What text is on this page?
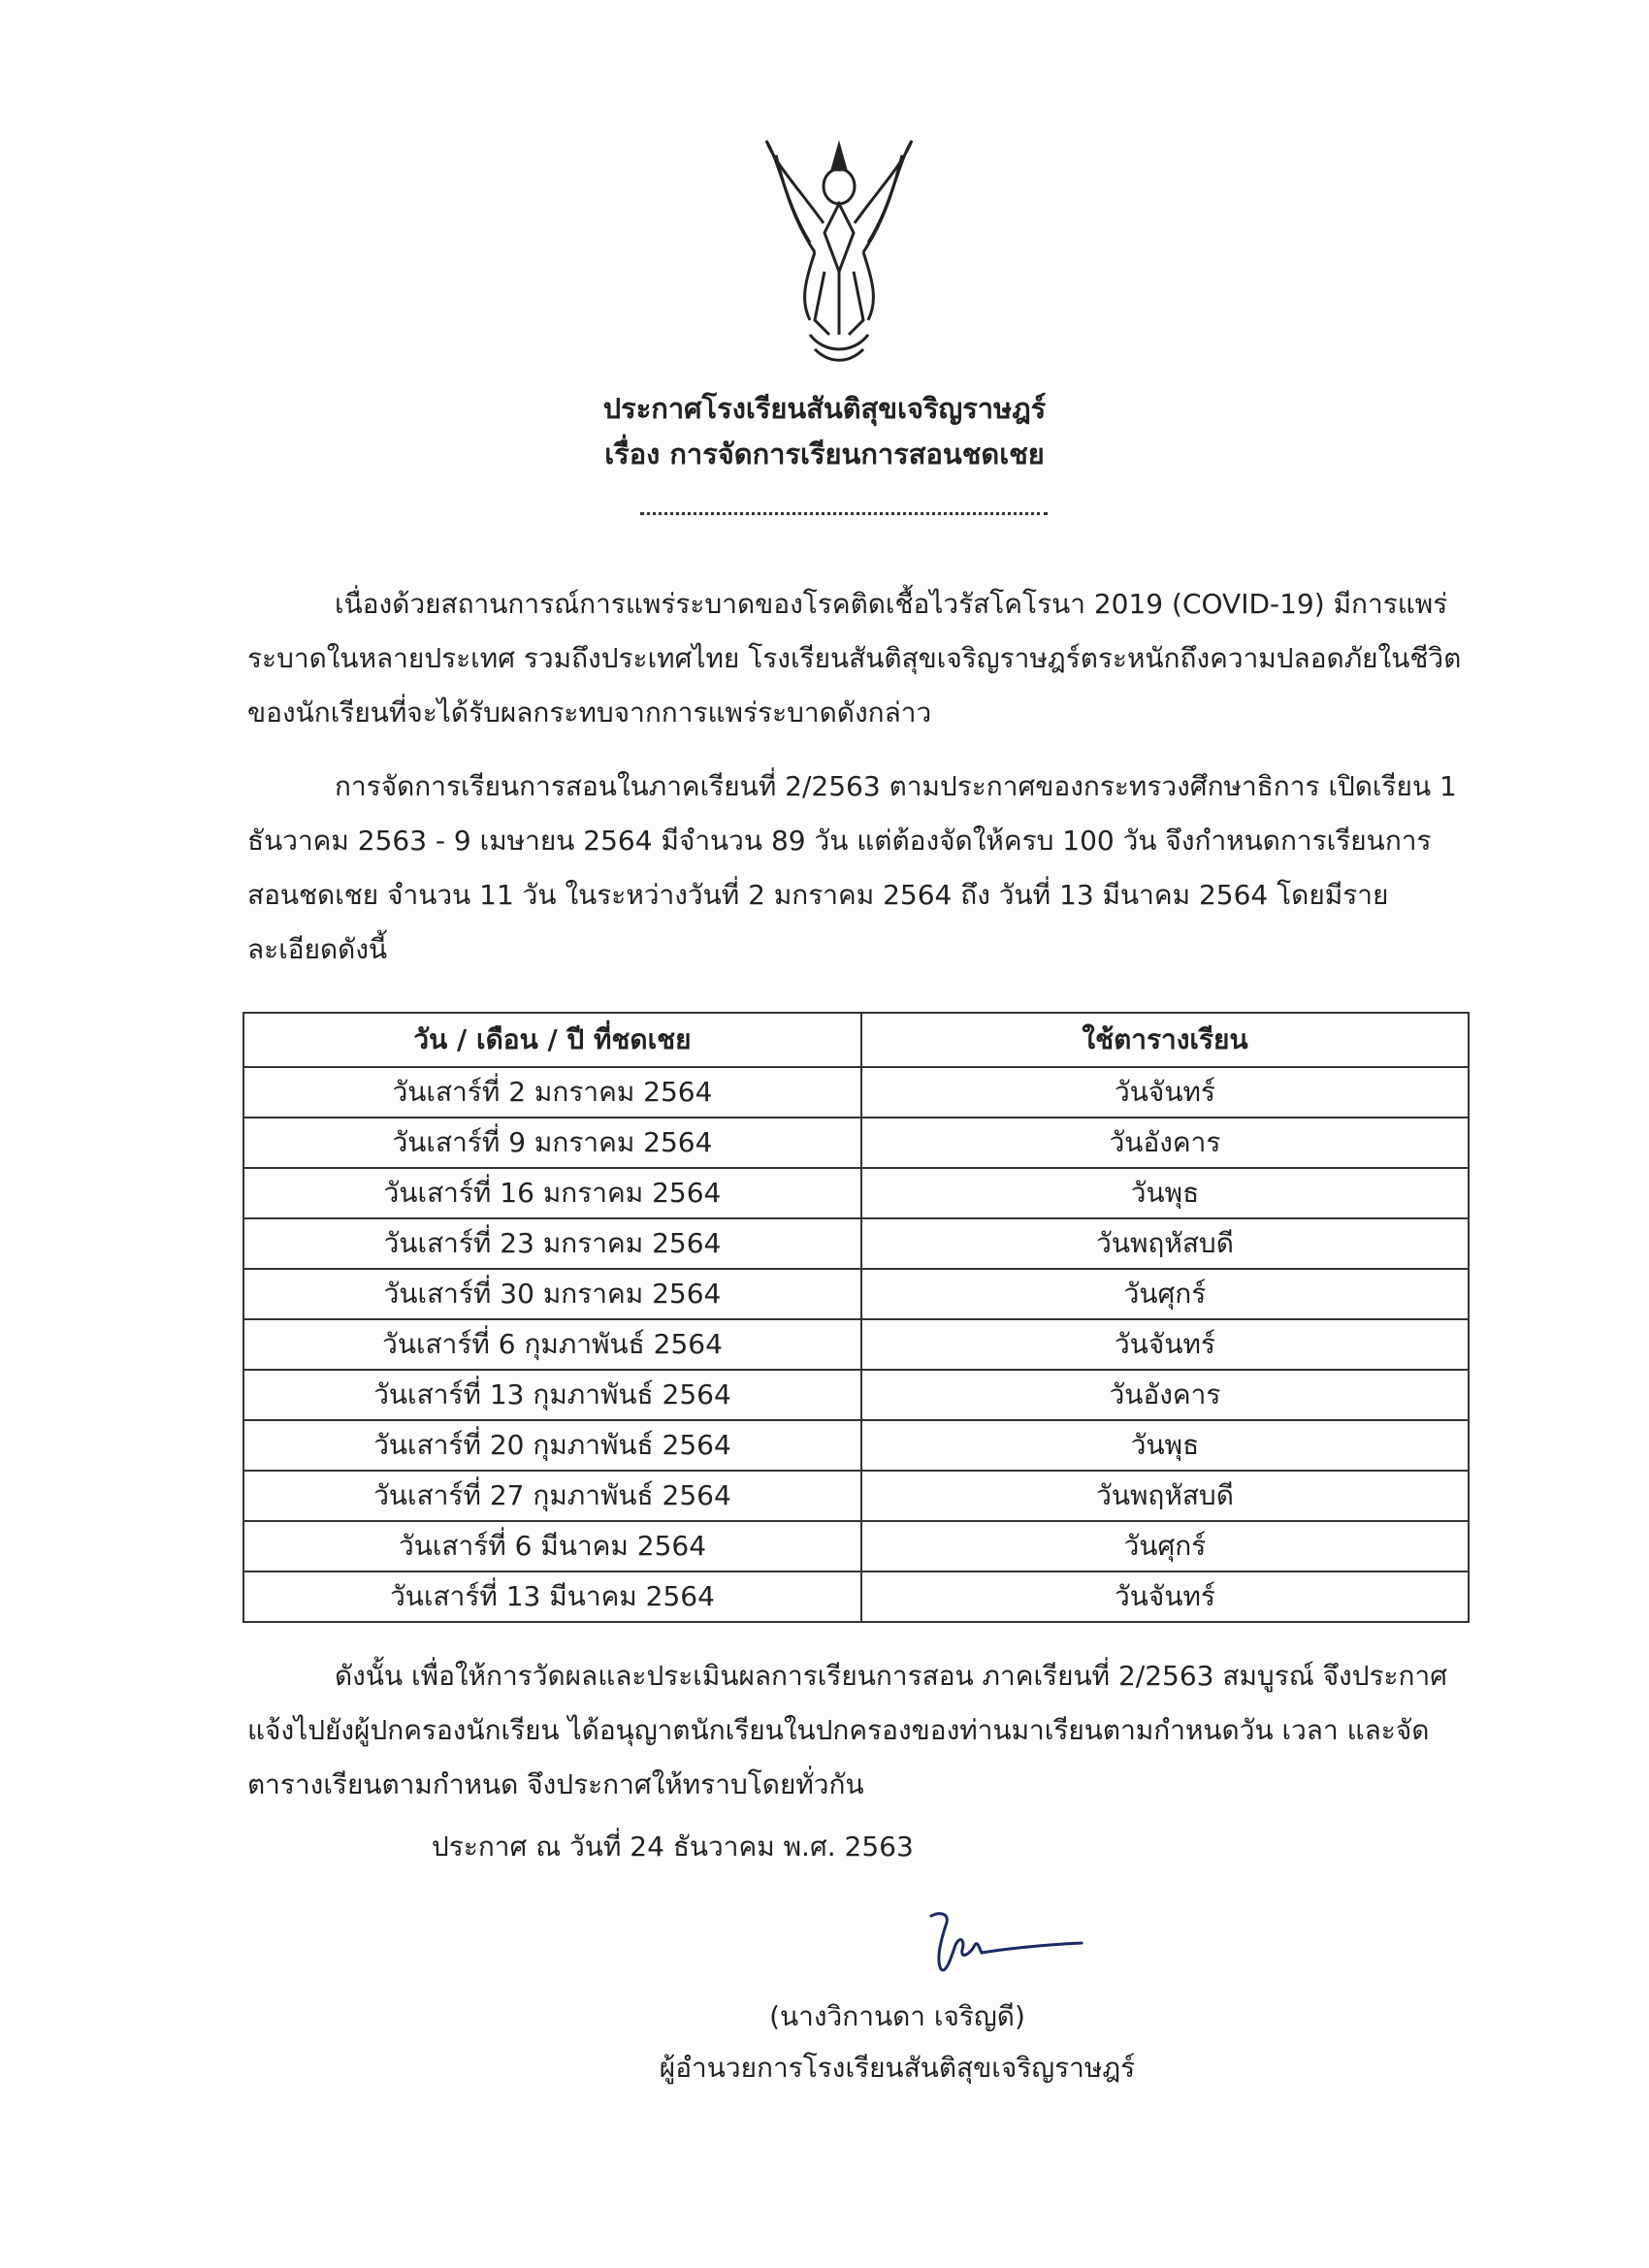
ประกาศโรงเรียนสันติสุขเจริญราษฎร์
เรื่อง การจัดการเรียนการสอนชดเชย
เนื่องด้วยสถานการณ์การแพร่ระบาดของโรคติดเชื้อไวรัสโคโรนา 2019 (COVID-19) มีการแพร่ระบาดในหลายประเทศ รวมถึงประเทศไทย โรงเรียนสันติสุขเจริญราษฎร์ตระหนักถึงความปลอดภัยในชีวิตของนักเรียนที่จะได้รับผลกระทบจากการแพร่ระบาดดังกล่าว
การจัดการเรียนการสอนในภาคเรียนที่ 2/2563 ตามประกาศของกระทรวงศึกษาธิการ เปิดเรียน 1 ธันวาคม 2563 - 9 เมษายน 2564 มีจำนวน 89 วัน แต่ต้องจัดให้ครบ 100 วัน จึงกำหนดการเรียนการสอนชดเชย จำนวน 11 วัน ในระหว่างวันที่ 2 มกราคม 2564 ถึง วันที่ 13 มีนาคม 2564 โดยมีรายละเอียดดังนี้
วัน / เดือน / ปี ที่ชดเชย	ใช้ตารางเรียน
วันเสาร์ที่ 2 มกราคม 2564	วันจันทร์
วันเสาร์ที่ 9 มกราคม 2564	วันอังคาร
วันเสาร์ที่ 16 มกราคม 2564	วันพุธ
วันเสาร์ที่ 23 มกราคม 2564	วันพฤหัสบดี
วันเสาร์ที่ 30 มกราคม 2564	วันศุกร์
วันเสาร์ที่ 6 กุมภาพันธ์ 2564	วันจันทร์
วันเสาร์ที่ 13 กุมภาพันธ์ 2564	วันอังคาร
วันเสาร์ที่ 20 กุมภาพันธ์ 2564	วันพุธ
วันเสาร์ที่ 27 กุมภาพันธ์ 2564	วันพฤหัสบดี
วันเสาร์ที่ 6 มีนาคม 2564	วันศุกร์
วันเสาร์ที่ 13 มีนาคม 2564	วันจันทร์
ดังนั้น เพื่อให้การวัดผลและประเมินผลการเรียนการสอน ภาคเรียนที่ 2/2563 สมบูรณ์ จึงประกาศแจ้งไปยังผู้ปกครองนักเรียน ได้อนุญาตนักเรียนในปกครองของท่านมาเรียนตามกำหนดวัน เวลา และจัดตารางเรียนตามกำหนด จึงประกาศให้ทราบโดยทั่วกัน
ประกาศ ณ วันที่ 24 ธันวาคม พ.ศ. 2563
(นางวิกานดา เจริญดี)
ผู้อำนวยการโรงเรียนสันติสุขเจริญราษฎร์
